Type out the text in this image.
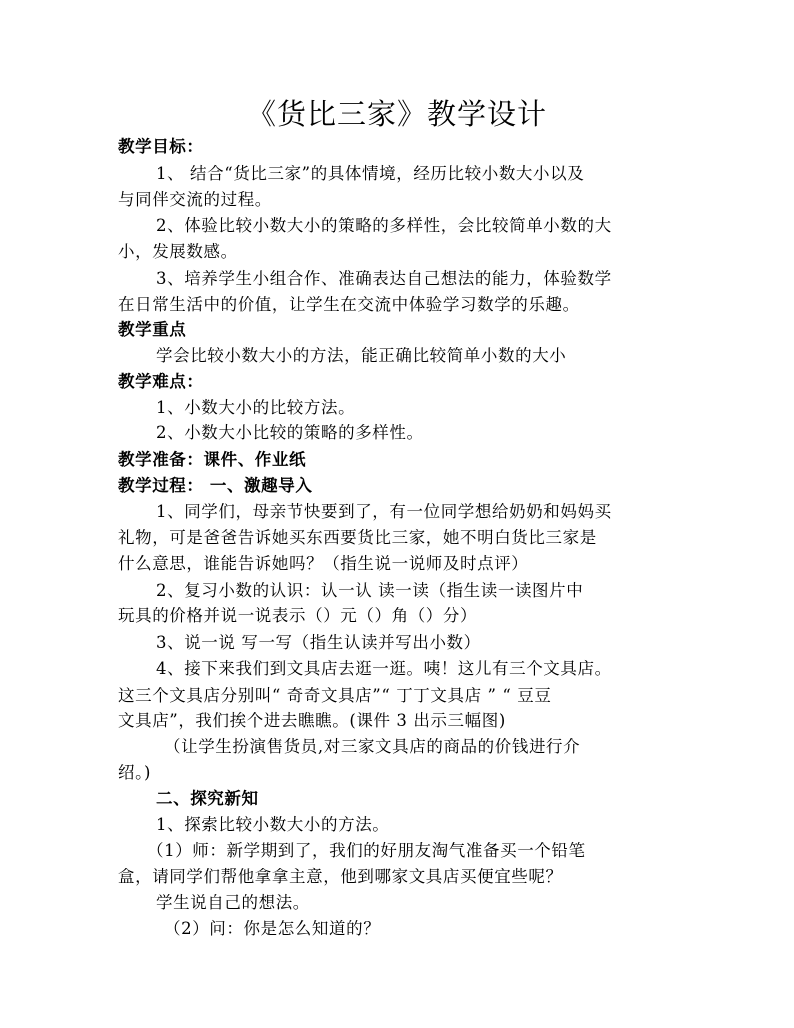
《货比三家》教学设计
教学目标：
1、 结合“货比三家”的具体情境，经历比较小数大小以及
与同伴交流的过程。
2、体验比较小数大小的策略的多样性，会比较简单小数的大
小，发展数感。
3、培养学生小组合作、准确表达自己想法的能力，体验数学
在日常生活中的价值，让学生在交流中体验学习数学的乐趣。
教学重点
学会比较小数大小的方法，能正确比较简单小数的大小
教学难点：
1、小数大小的比较方法。
2、小数大小比较的策略的多样性。
教学准备：课件、作业纸
教学过程： 一、激趣导入
1、同学们，母亲节快要到了，有一位同学想给奶奶和妈妈买
礼物，可是爸爸告诉她买东西要货比三家，她不明白货比三家是
什么意思，谁能告诉她吗？（指生说一说师及时点评）
2、复习小数的认识：认一认 读一读（指生读一读图片中
玩具的价格并说一说表示（）元（）角（）分）
3、说一说 写一写（指生认读并写出小数）
4、接下来我们到文具店去逛一逛。咦！这儿有三个文具店。
这三个文具店分别叫“ 奇奇文具店”“ 丁丁文具店 ” “ 豆豆
文具店”，我们挨个进去瞧瞧。(课件 3 出示三幅图)
（让学生扮演售货员,对三家文具店的商品的价钱进行介
绍。)
二、探究新知
1、探索比较小数大小的方法。
（1）师：新学期到了，我们的好朋友淘气准备买一个铅笔
盒，请同学们帮他拿拿主意，他到哪家文具店买便宜些呢？
学生说自己的想法。
（2）问：你是怎么知道的？
